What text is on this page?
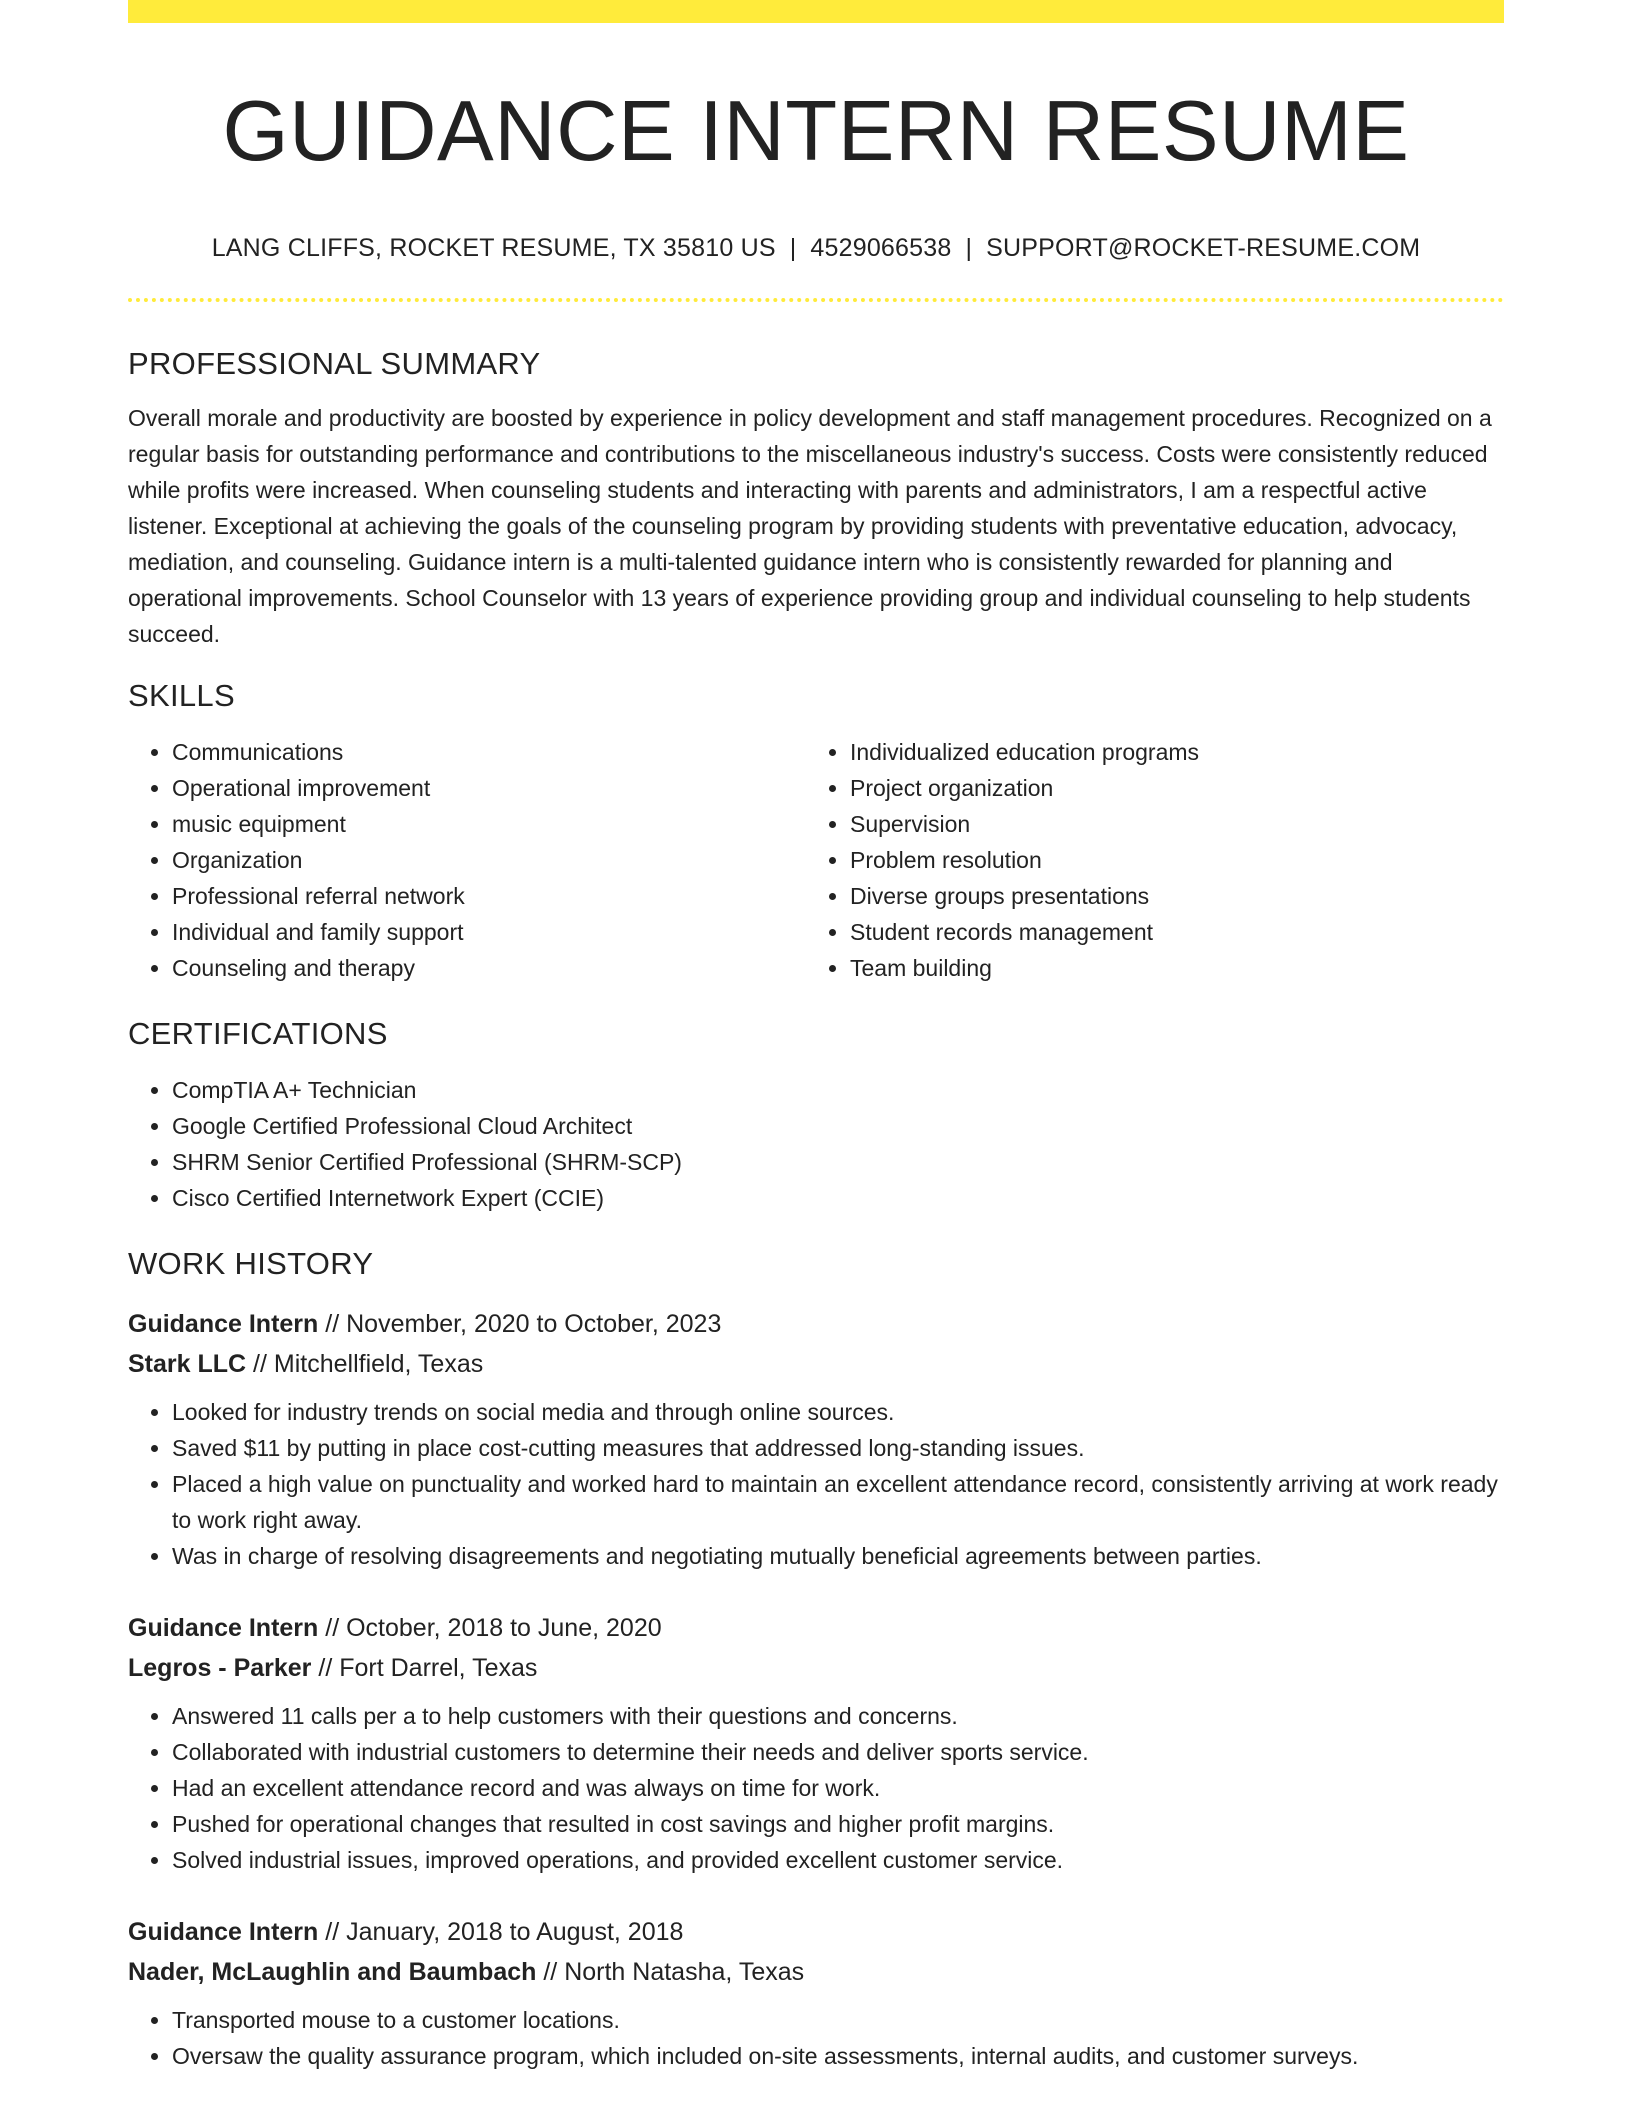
GUIDANCE INTERN RESUME
LANG CLIFFS, ROCKET RESUME, TX 35810 US | 4529066538 | SUPPORT@ROCKET-RESUME.COM
PROFESSIONAL SUMMARY

Overall morale and productivity are boosted by experience in policy development and staff management procedures. Recognized on a regular basis for outstanding performance and contributions to the miscellaneous industry's success. Costs were consistently reduced while profits were increased. When counseling students and interacting with parents and administrators, I am a respectful active listener. Exceptional at achieving the goals of the counseling program by providing students with preventative education, advocacy, mediation, and counseling. Guidance intern is a multi-talented guidance intern who is consistently rewarded for planning and operational improvements. School Counselor with 13 years of experience providing group and individual counseling to help students succeed.

SKILLS
• Communications
• Operational improvement
• music equipment
• Organization
• Professional referral network
• Individual and family support
• Counseling and therapy
• Individualized education programs
• Project organization
• Supervision
• Problem resolution
• Diverse groups presentations
• Student records management
• Team building
CERTIFICATIONS
• CompTIA A+ Technician
• Google Certified Professional Cloud Architect
• SHRM Senior Certified Professional (SHRM-SCP)
• Cisco Certified Internetwork Expert (CCIE)
WORK HISTORY
Guidance Intern // November, 2020 to October, 2023
Stark LLC // Mitchellfield, Texas
• Looked for industry trends on social media and through online sources.
• Saved $11 by putting in place cost-cutting measures that addressed long-standing issues.
• Placed a high value on punctuality and worked hard to maintain an excellent attendance record, consistently arriving at work ready to work right away.
• Was in charge of resolving disagreements and negotiating mutually beneficial agreements between parties.
Guidance Intern // October, 2018 to June, 2020
Legros - Parker // Fort Darrel, Texas
• Answered 11 calls per a to help customers with their questions and concerns.
• Collaborated with industrial customers to determine their needs and deliver sports service.
• Had an excellent attendance record and was always on time for work.
• Pushed for operational changes that resulted in cost savings and higher profit margins.
• Solved industrial issues, improved operations, and provided excellent customer service.
Guidance Intern // January, 2018 to August, 2018
Nader, McLaughlin and Baumbach // North Natasha, Texas
• Transported mouse to a customer locations.
• Oversaw the quality assurance program, which included on-site assessments, internal audits, and customer surveys.
